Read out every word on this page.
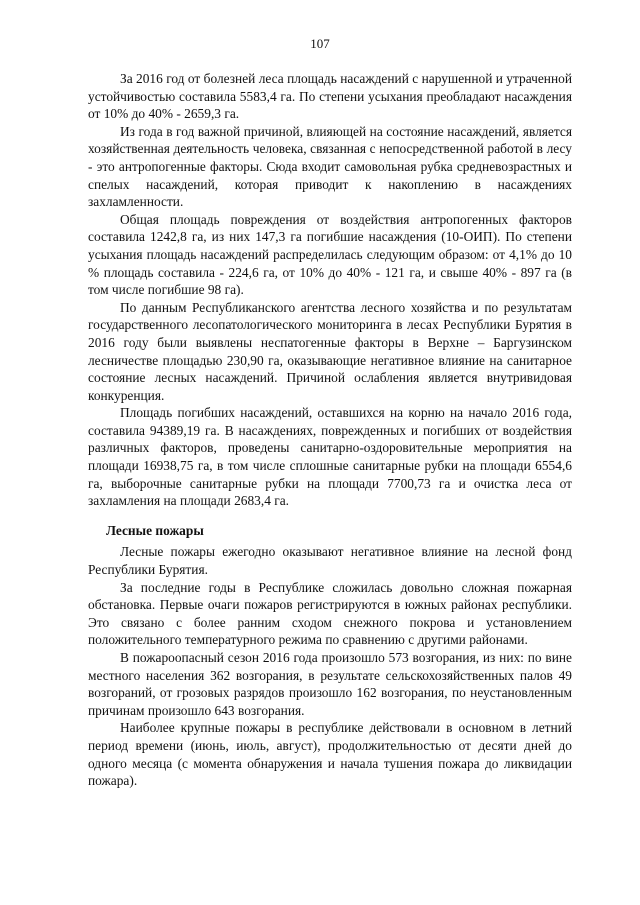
107

За 2016 год от болезней леса площадь насаждений с нарушенной и утраченной устойчивостью составила 5583,4 га. По степени усыхания преобладают насаждения от 10% до 40% - 2659,3 га.

Из года в год важной причиной, влияющей на состояние насаждений, является хозяйственная деятельность человека, связанная с непосредственной работой в лесу - это антропогенные факторы. Сюда входит самовольная рубка средневозрастных и спелых насаждений, которая приводит к накоплению в насаждениях захламленности.

Общая площадь повреждения от воздействия антропогенных факторов составила 1242,8 га, из них 147,3 га погибшие насаждения (10-ОИП). По степени усыхания площадь насаждений распределилась следующим образом: от 4,1% до 10 % площадь составила - 224,6 га, от 10% до 40% - 121 га, и свыше 40% - 897 га (в том числе погибшие 98 га).

По данным Республиканского агентства лесного хозяйства и по результатам государственного лесопатологического мониторинга в лесах Республики Бурятия в 2016 году были выявлены неспатогенные факторы в Верхне – Баргузинском лесничестве площадью 230,90 га, оказывающие негативное влияние на санитарное состояние лесных насаждений. Причиной ослабления является внутривидовая конкуренция.

Площадь погибших насаждений, оставшихся на корню на начало 2016 года, составила 94389,19 га. В насаждениях, поврежденных и погибших от воздействия различных факторов, проведены санитарно-оздоровительные мероприятия на площади 16938,75 га, в том числе сплошные санитарные рубки на площади 6554,6 га, выборочные санитарные рубки на площади 7700,73 га и очистка леса от захламления на площади 2683,4 га.

Лесные пожары

Лесные пожары ежегодно оказывают негативное влияние на лесной фонд Республики Бурятия.

За последние годы в Республике сложилась довольно сложная пожарная обстановка. Первые очаги пожаров регистрируются в южных районах республики. Это связано с более ранним сходом снежного покрова и установлением положительного температурного режима по сравнению с другими районами.

В пожароопасный сезон 2016 года произошло 573 возгорания, из них: по вине местного населения 362 возгорания, в результате сельскохозяйственных палов 49 возгораний, от грозовых разрядов произошло 162 возгорания, по неустановленным причинам произошло 643 возгорания.

Наиболее крупные пожары в республике действовали в основном в летний период времени (июнь, июль, август), продолжительностью от десяти дней до одного месяца (с момента обнаружения и начала тушения пожара до ликвидации пожара).
